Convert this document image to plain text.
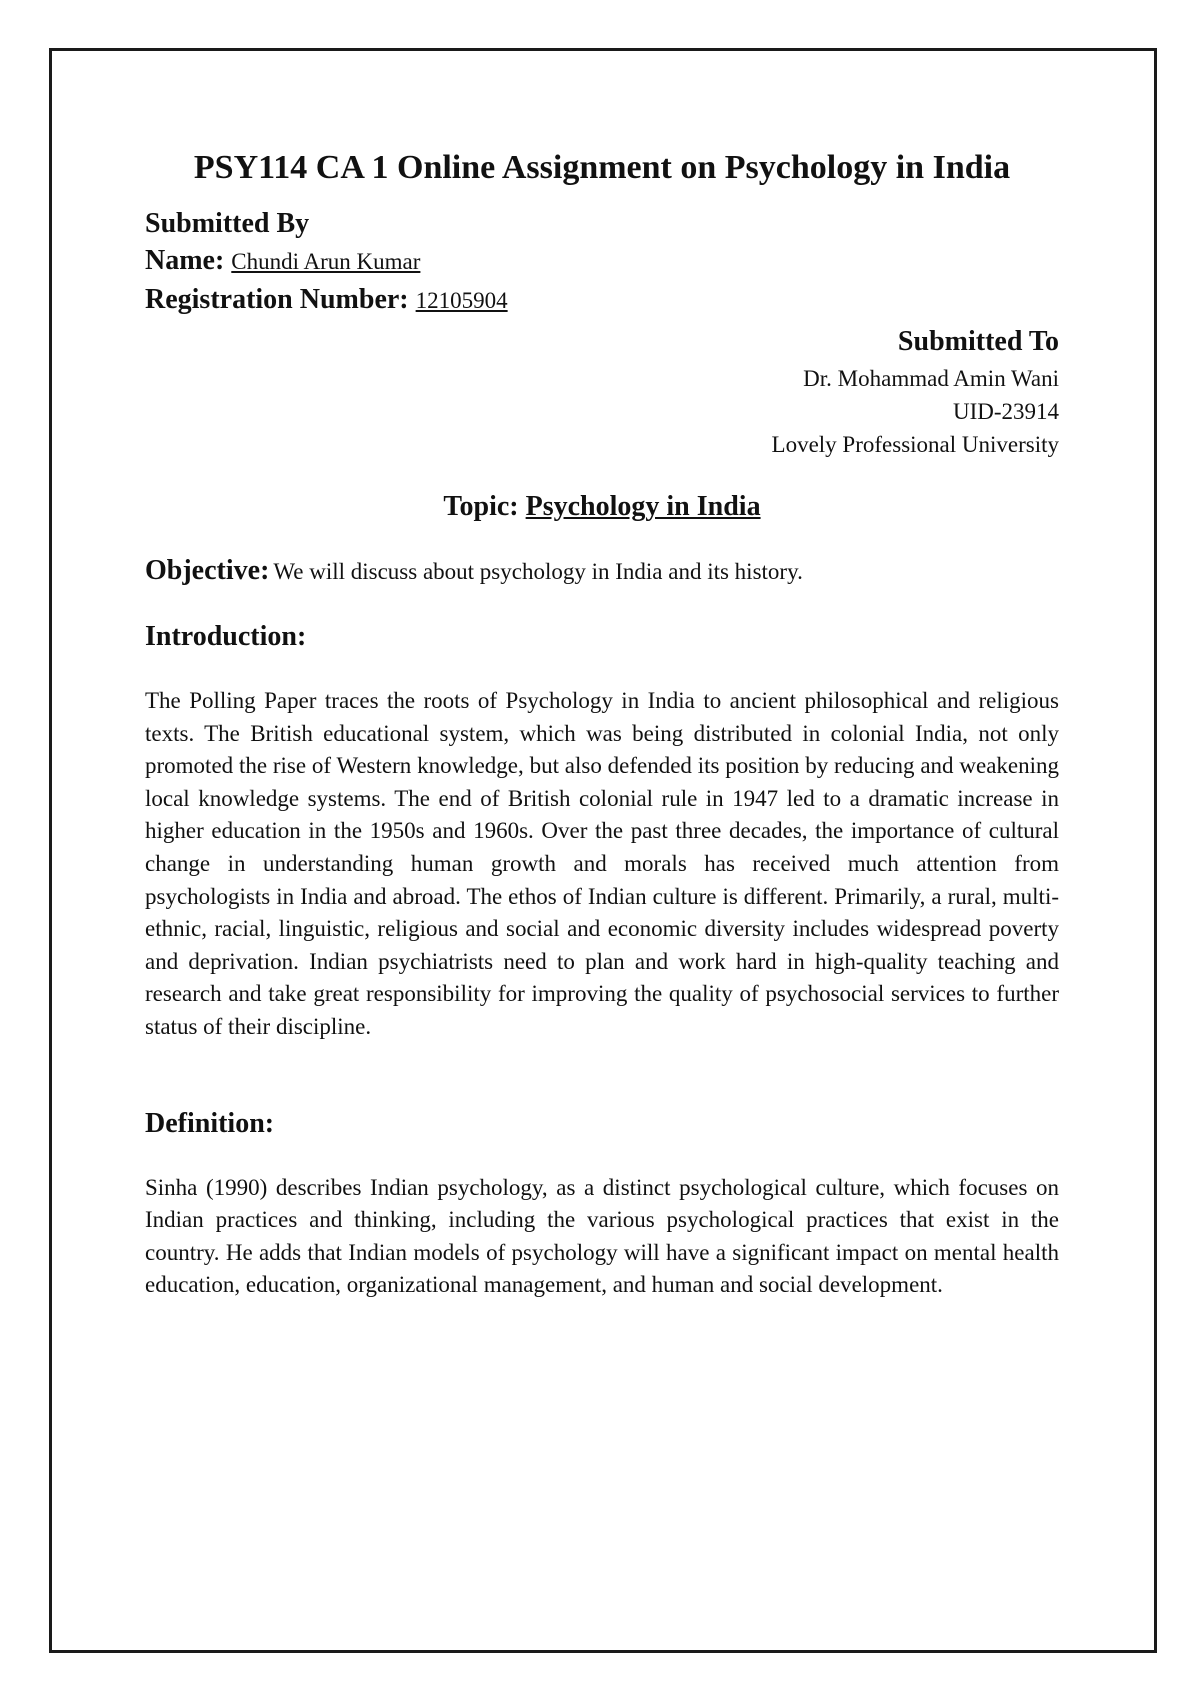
PSY114 CA 1 Online Assignment on Psychology in India
Submitted By
Name: Chundi Arun Kumar
Registration Number: 12105904
Submitted To
Dr. Mohammad Amin Wani
UID-23914
Lovely Professional University
Topic: Psychology in India
Objective: We will discuss about psychology in India and its history.
Introduction:

The Polling Paper traces the roots of Psychology in India to ancient philosophical and religious texts. The British educational system, which was being distributed in colonial India, not only promoted the rise of Western knowledge, but also defended its position by reducing and weakening local knowledge systems. The end of British colonial rule in 1947 led to a dramatic increase in higher education in the 1950s and 1960s. Over the past three decades, the importance of cultural change in understanding human growth and morals has received much attention from psychologists in India and abroad. The ethos of Indian culture is different. Primarily, a rural, multi-ethnic, racial, linguistic, religious and social and economic diversity includes widespread poverty and deprivation. Indian psychiatrists need to plan and work hard in high-quality teaching and research and take great responsibility for improving the quality of psychosocial services to further status of their discipline.

Definition:

Sinha (1990) describes Indian psychology, as a distinct psychological culture, which focuses on Indian practices and thinking, including the various psychological practices that exist in the country. He adds that Indian models of psychology will have a significant impact on mental health education, education, organizational management, and human and social development.
